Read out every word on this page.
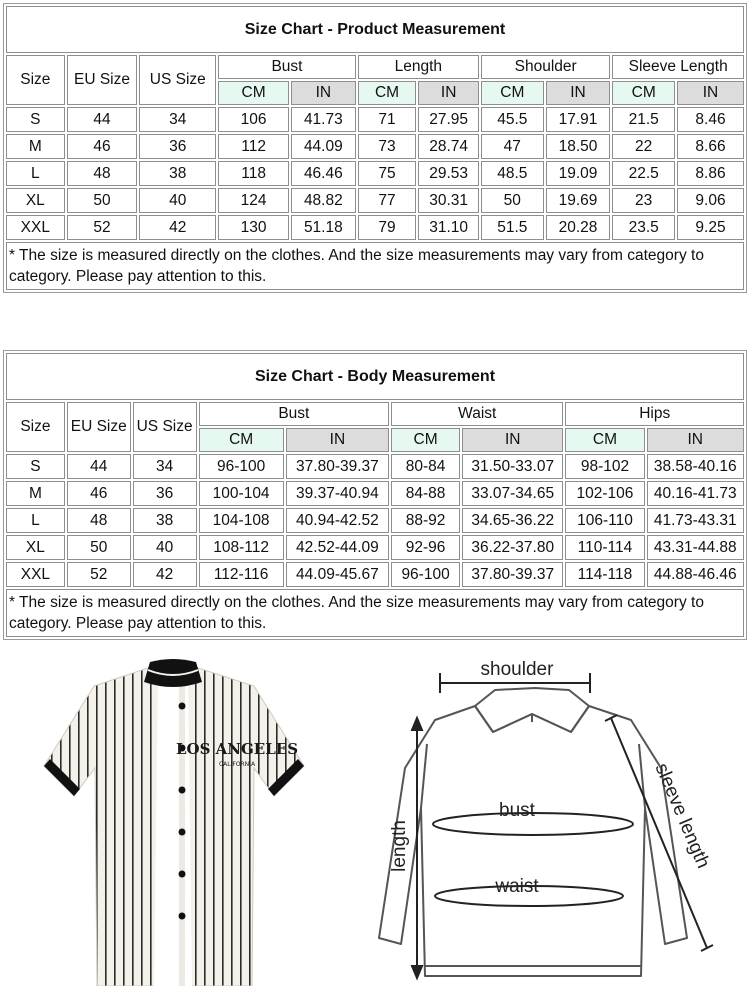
Size Chart - Product Measurement										
Size	EU Size	US Size	Bust		Length		Shoulder		Sleeve Length	
			CM	IN	CM	IN	CM	IN	CM	IN
S	44	34	106	41.73	71	27.95	45.5	17.91	21.5	8.46
M	46	36	112	44.09	73	28.74	47	18.50	22	8.66
L	48	38	118	46.46	75	29.53	48.5	19.09	22.5	8.86
XL	50	40	124	48.82	77	30.31	50	19.69	23	9.06
XXL	52	42	130	51.18	79	31.10	51.5	20.28	23.5	9.25
* The size is measured directly on the clothes. And the size measurements may vary from category to category. Please pay attention to this.										
Size Chart - Body Measurement								
Size	EU Size	US Size	Bust		Waist		Hips	
			CM	IN	CM	IN	CM	IN
S	44	34	96-100	37.80-39.37	80-84	31.50-33.07	98-102	38.58-40.16
M	46	36	100-104	39.37-40.94	84-88	33.07-34.65	102-106	40.16-41.73
L	48	38	104-108	40.94-42.52	88-92	34.65-36.22	106-110	41.73-43.31
XL	50	40	108-112	42.52-44.09	92-96	36.22-37.80	110-114	43.31-44.88
XXL	52	42	112-116	44.09-45.67	96-100	37.80-39.37	114-118	44.88-46.46
* The size is measured directly on the clothes. And the size measurements may vary from category to category. Please pay attention to this.								
LOS ANGELES
CALIFORNIA
shoulder
bust
waist
length	sleeve length
